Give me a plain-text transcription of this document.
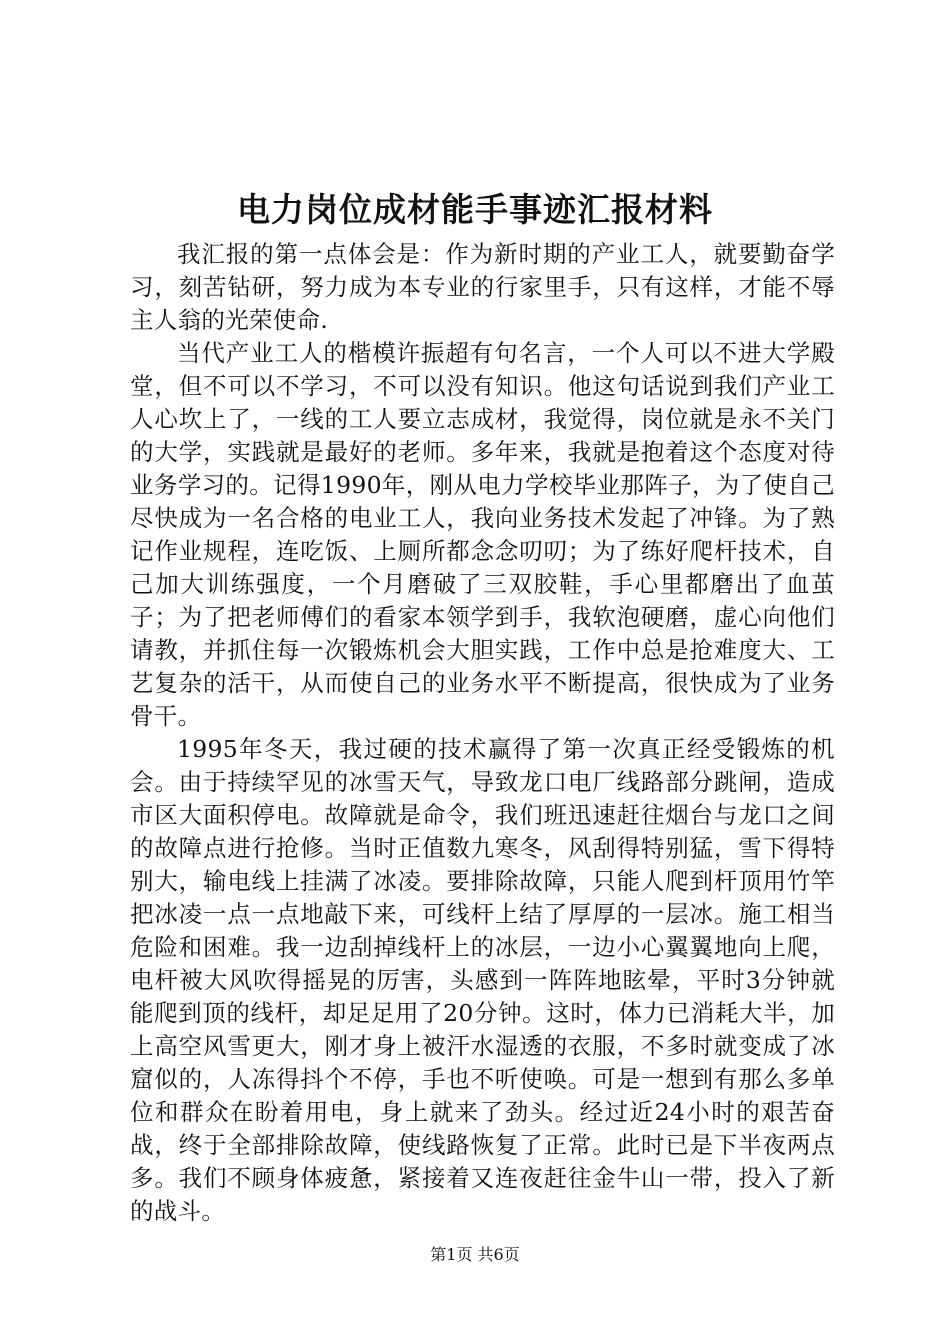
电力岗位成材能手事迹汇报材料

我汇报的第一点体会是：作为新时期的产业工人，就要勤奋学习，刻苦钻研，努力成为本专业的行家里手，只有这样，才能不辱主人翁的光荣使命.

当代产业工人的楷模许振超有句名言，一个人可以不进大学殿堂，但不可以不学习，不可以没有知识。他这句话说到我们产业工人心坎上了，一线的工人要立志成材，我觉得，岗位就是永不关门的大学，实践就是最好的老师。多年来，我就是抱着这个态度对待业务学习的。记得1990年，刚从电力学校毕业那阵子，为了使自己尽快成为一名合格的电业工人，我向业务技术发起了冲锋。为了熟记作业规程，连吃饭、上厕所都念念叨叨；为了练好爬杆技术，自己加大训练强度，一个月磨破了三双胶鞋，手心里都磨出了血茧子；为了把老师傅们的看家本领学到手，我软泡硬磨，虚心向他们请教，并抓住每一次锻炼机会大胆实践，工作中总是抢难度大、工艺复杂的活干，从而使自己的业务水平不断提高，很快成为了业务骨干。

1995年冬天，我过硬的技术赢得了第一次真正经受锻炼的机会。由于持续罕见的冰雪天气，导致龙口电厂线路部分跳闸，造成市区大面积停电。故障就是命令，我们班迅速赶往烟台与龙口之间的故障点进行抢修。当时正值数九寒冬，风刮得特别猛，雪下得特别大，输电线上挂满了冰凌。要排除故障，只能人爬到杆顶用竹竿把冰凌一点一点地敲下来，可线杆上结了厚厚的一层冰。施工相当危险和困难。我一边刮掉线杆上的冰层，一边小心翼翼地向上爬，电杆被大风吹得摇晃的厉害，头感到一阵阵地眩晕，平时3分钟就能爬到顶的线杆，却足足用了20分钟。这时，体力已消耗大半，加上高空风雪更大，刚才身上被汗水湿透的衣服，不多时就变成了冰窟似的，人冻得抖个不停，手也不听使唤。可是一想到有那么多单位和群众在盼着用电，身上就来了劲头。经过近24小时的艰苦奋战，终于全部排除故障，使线路恢复了正常。此时已是下半夜两点多。我们不顾身体疲惫，紧接着又连夜赶往金牛山一带，投入了新的战斗。

第1页 共6页
